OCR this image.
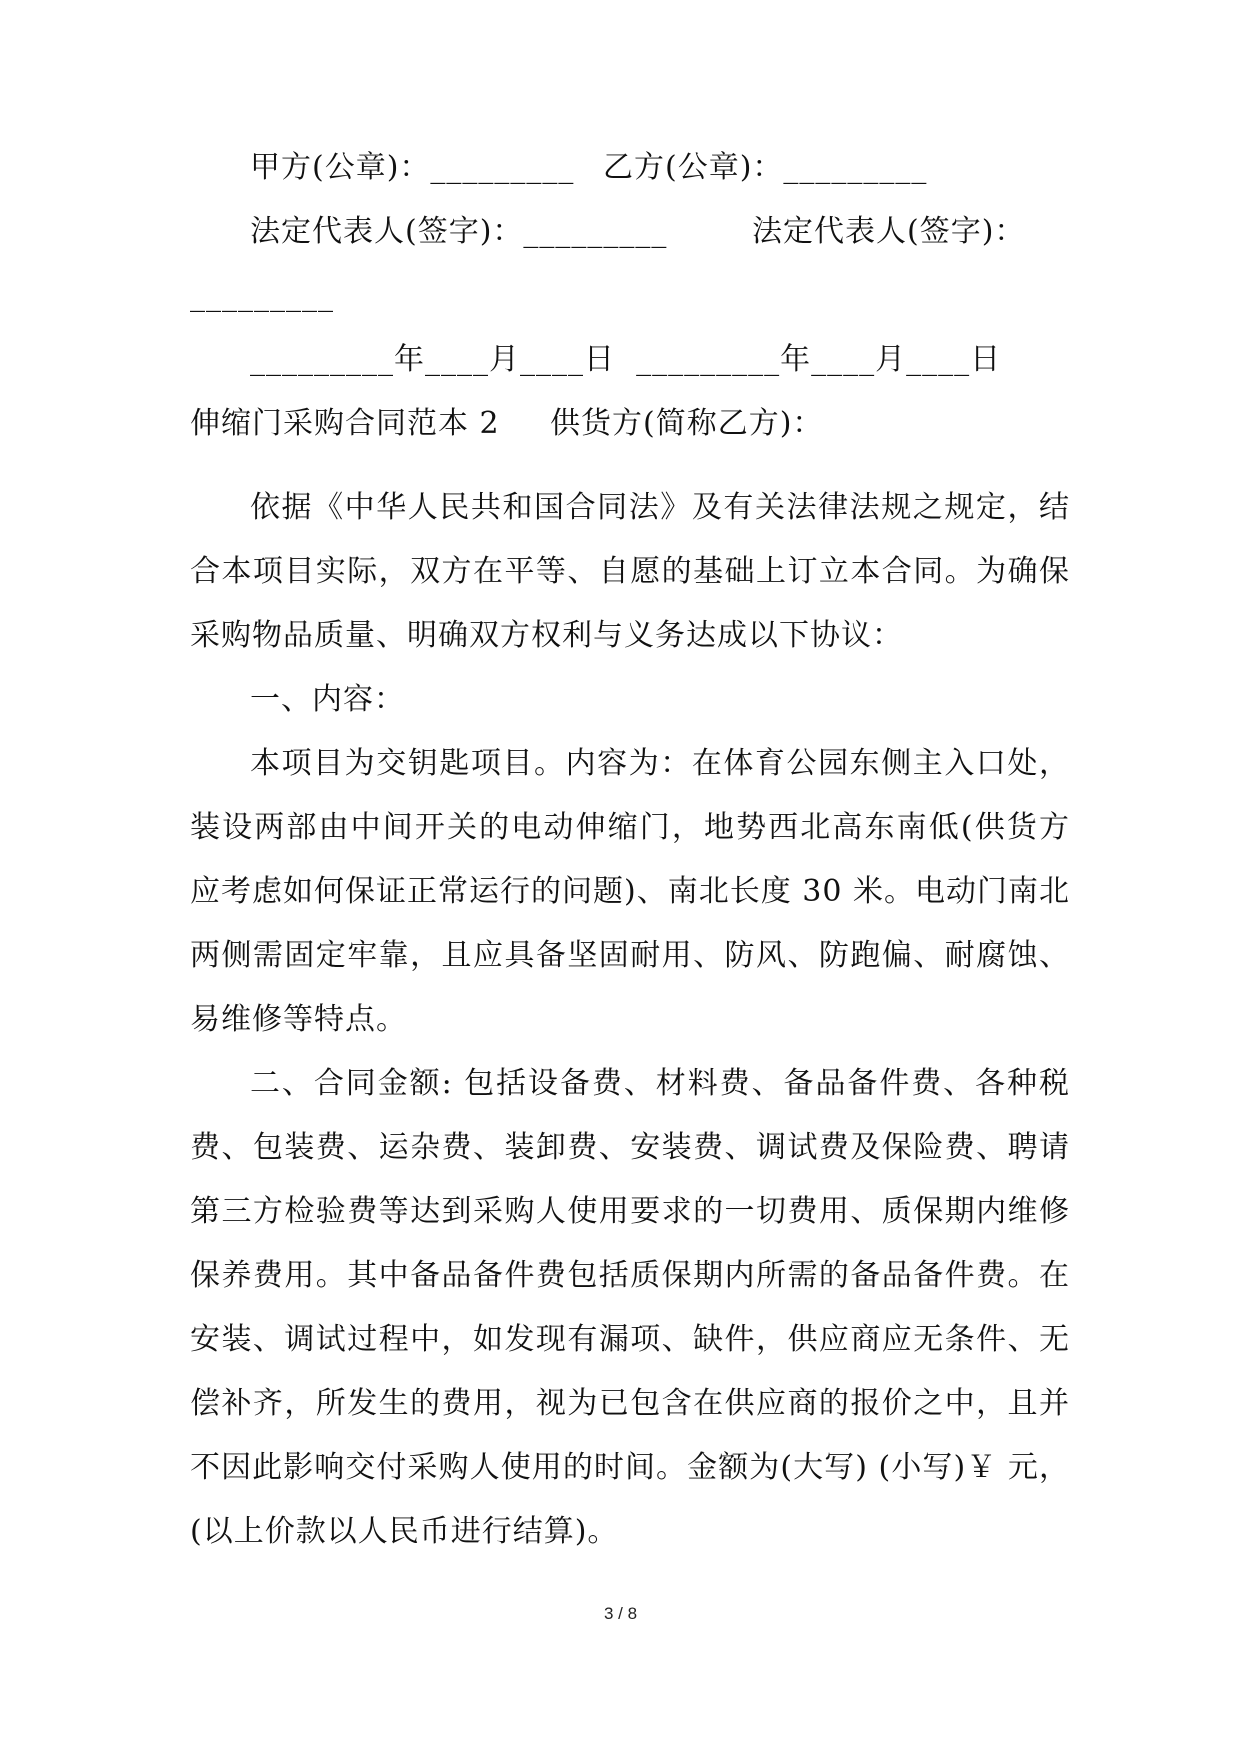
甲方(公章)：_________ 乙方(公章)：_________
法定代表人(签字)：_________	法定代表人(签字)：
_________
_________年____月____日  _________年____月____日
伸缩门采购合同范本 2 供货方(简称乙方)：
依据《中华人民共和国合同法》及有关法律法规之规定，结合本项目实际，双方在平等、自愿的基础上订立本合同。为确保采购物品质量、明确双方权利与义务达成以下协议：
一、内容：
本项目为交钥匙项目。内容为：在体育公园东侧主入口处，装设两部由中间开关的电动伸缩门，地势西北高东南低(供货方应考虑如何保证正常运行的问题)、南北长度 30 米。电动门南北两侧需固定牢靠，且应具备坚固耐用、防风、防跑偏、耐腐蚀、易维修等特点。
二、合同金额: 包括设备费、材料费、备品备件费、各种税费、包装费、运杂费、装卸费、安装费、调试费及保险费、聘请第三方检验费等达到采购人使用要求的一切费用、质保期内维修保养费用。其中备品备件费包括质保期内所需的备品备件费。在安装、调试过程中，如发现有漏项、缺件，供应商应无条件、无偿补齐，所发生的费用，视为已包含在供应商的报价之中，且并不因此影响交付采购人使用的时间。金额为(大写) (小写)￥ 元，(以上价款以人民币进行结算)。
3 / 8
